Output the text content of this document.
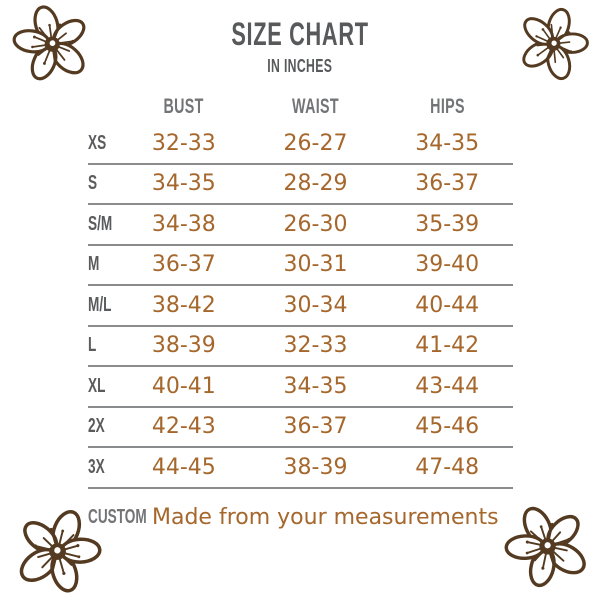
SIZE CHART
IN INCHES
BUST	WAIST	HIPS
XS	32-33	26-27	34-35
S	34-35	28-29	36-37
S/M	34-38	26-30	35-39
M	36-37	30-31	39-40
M/L	38-42	30-34	40-44
L	38-39	32-33	41-42
XL	40-41	34-35	43-44
2X	42-43	36-37	45-46
3X	44-45	38-39	47-48
CUSTOM Made from your measurements
